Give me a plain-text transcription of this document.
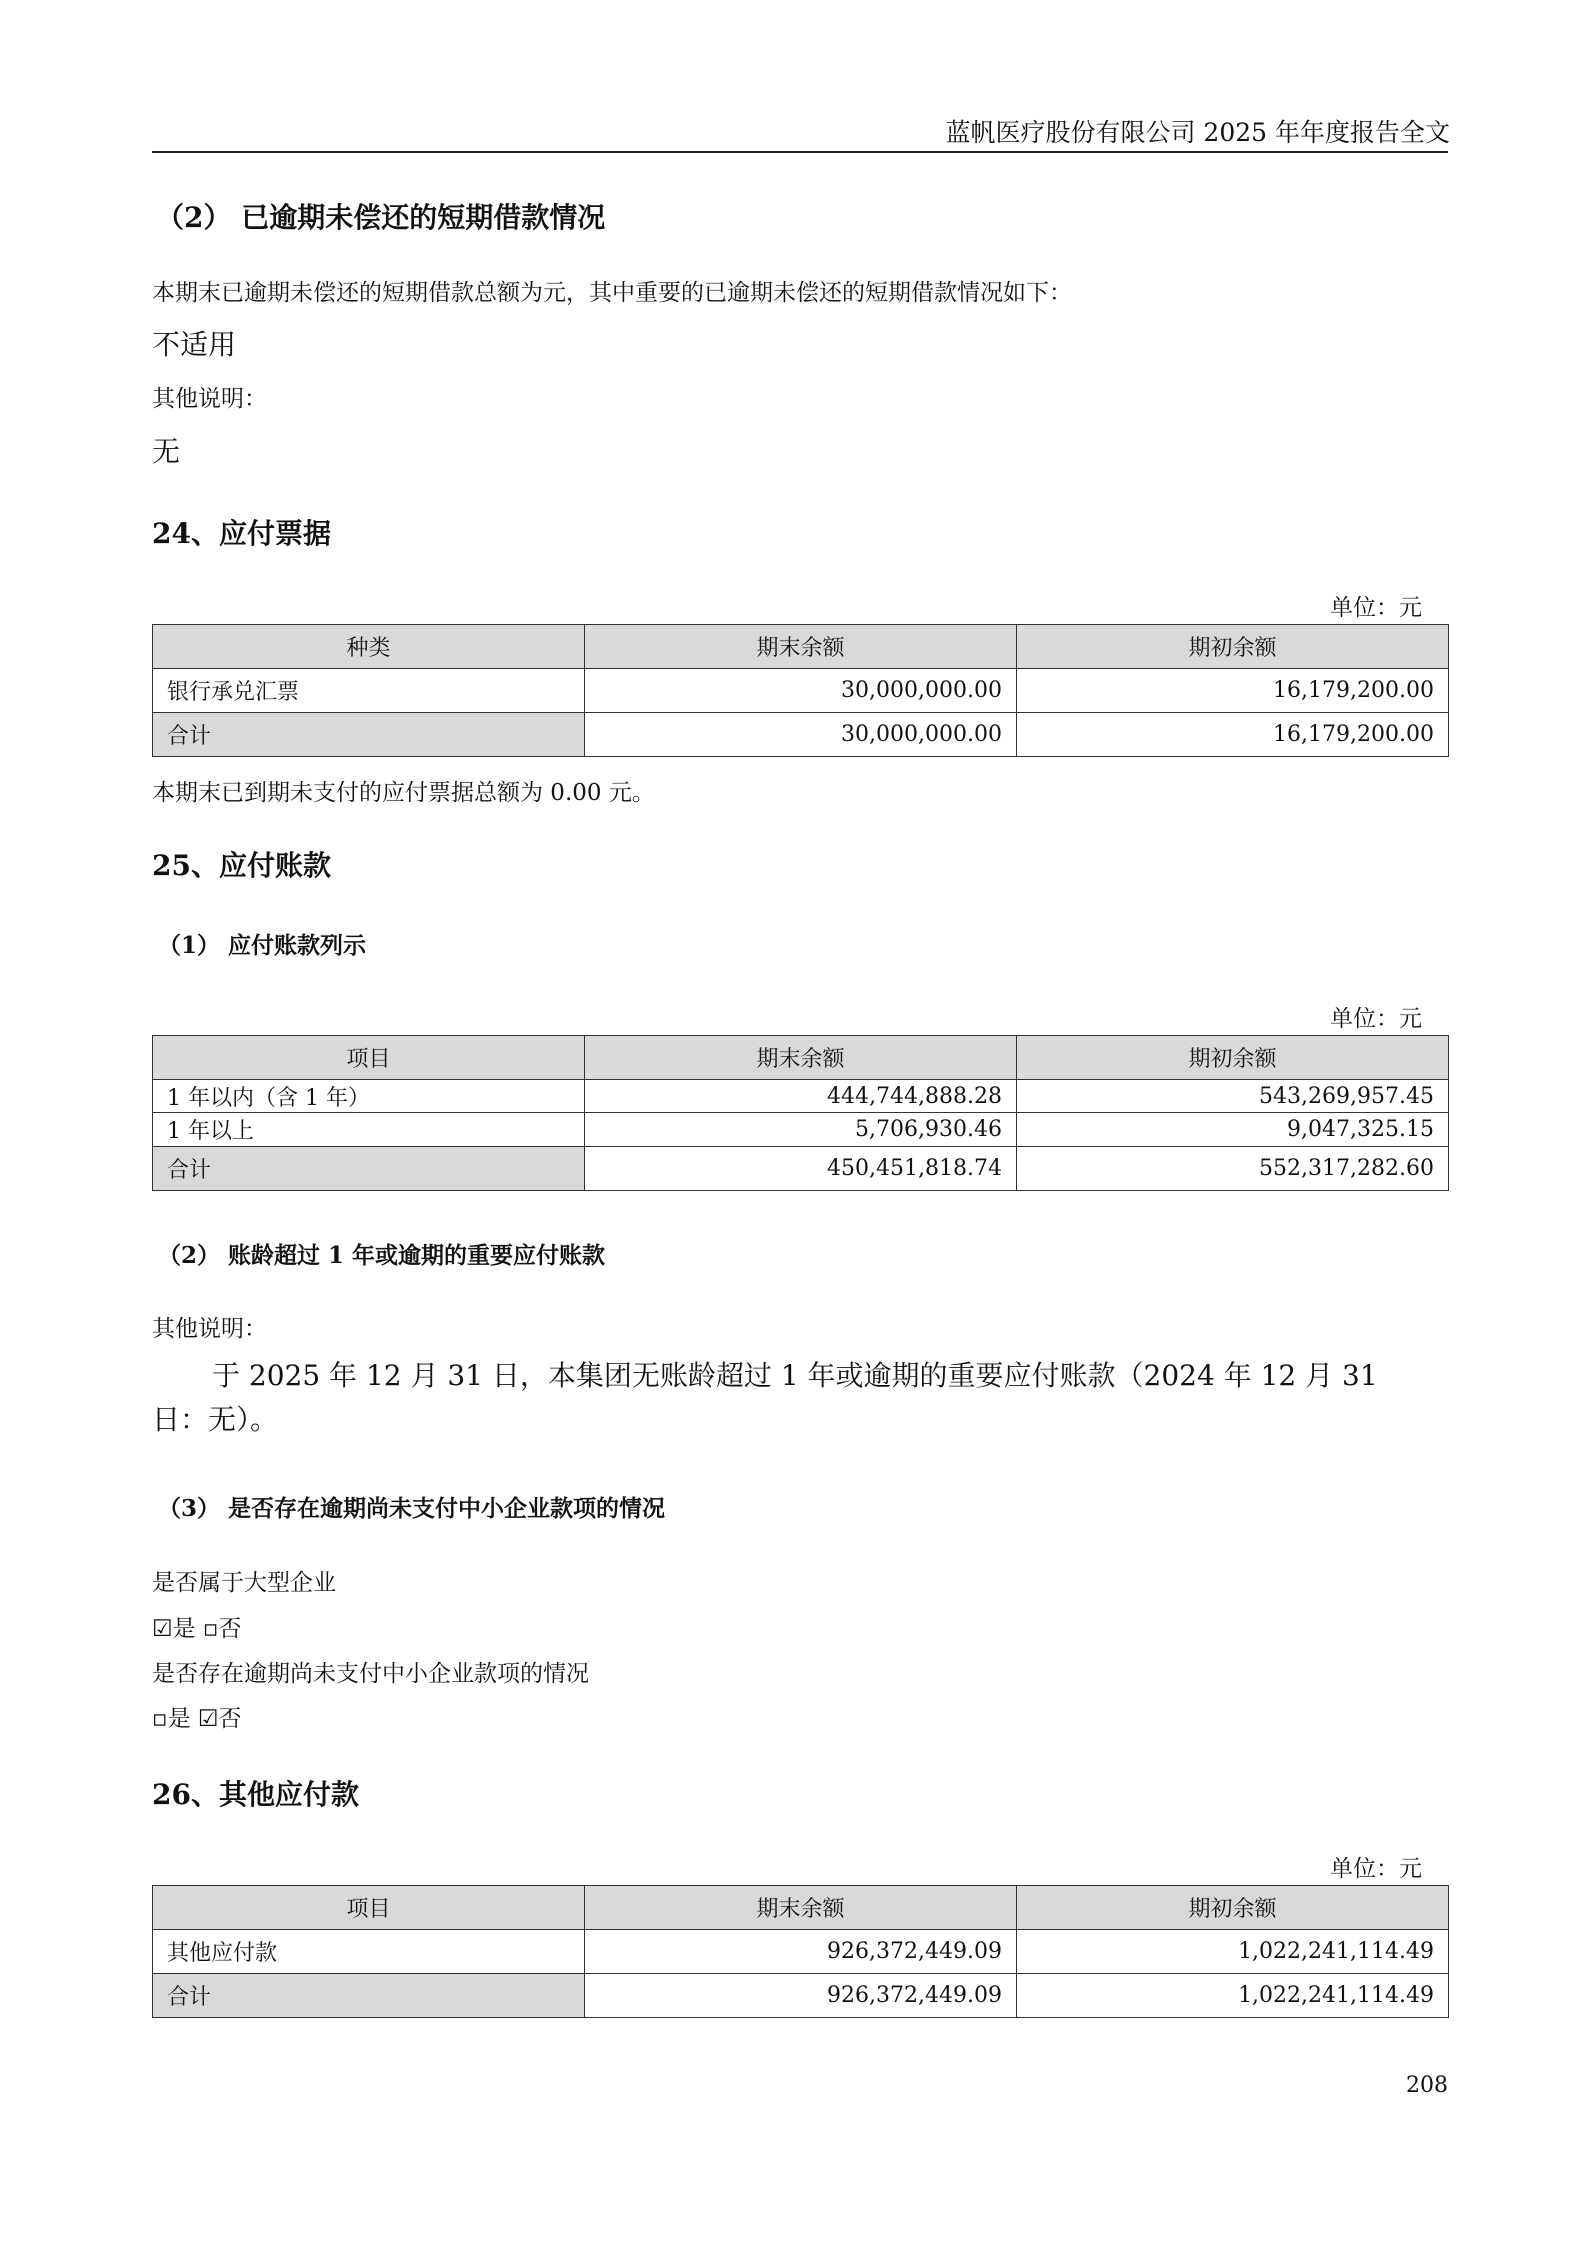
蓝帆医疗股份有限公司 2025 年年度报告全文
（2） 已逾期未偿还的短期借款情况
本期末已逾期未偿还的短期借款总额为元，其中重要的已逾期未偿还的短期借款情况如下：
不适用
其他说明：
无
24、应付票据
单位：元
种类	期末余额	期初余额
银行承兑汇票	30,000,000.00	16,179,200.00
合计	30,000,000.00	16,179,200.00
本期末已到期未支付的应付票据总额为 0.00 元。
25、应付账款
（1） 应付账款列示
单位：元
项目	期末余额	期初余额
1 年以内（含 1 年）	444,744,888.28	543,269,957.45
1 年以上	5,706,930.46	9,047,325.15
合计	450,451,818.74	552,317,282.60
（2） 账龄超过 1 年或逾期的重要应付账款
其他说明：
于 2025 年 12 月 31 日，本集团无账龄超过 1 年或逾期的重要应付账款（2024 年 12 月 31 日：无）。
（3） 是否存在逾期尚未支付中小企业款项的情况
是否属于大型企业
☑是 ▫否
是否存在逾期尚未支付中小企业款项的情况
▫是 ☑否
26、其他应付款
单位：元
项目	期末余额	期初余额
其他应付款	926,372,449.09	1,022,241,114.49
合计	926,372,449.09	1,022,241,114.49
208
